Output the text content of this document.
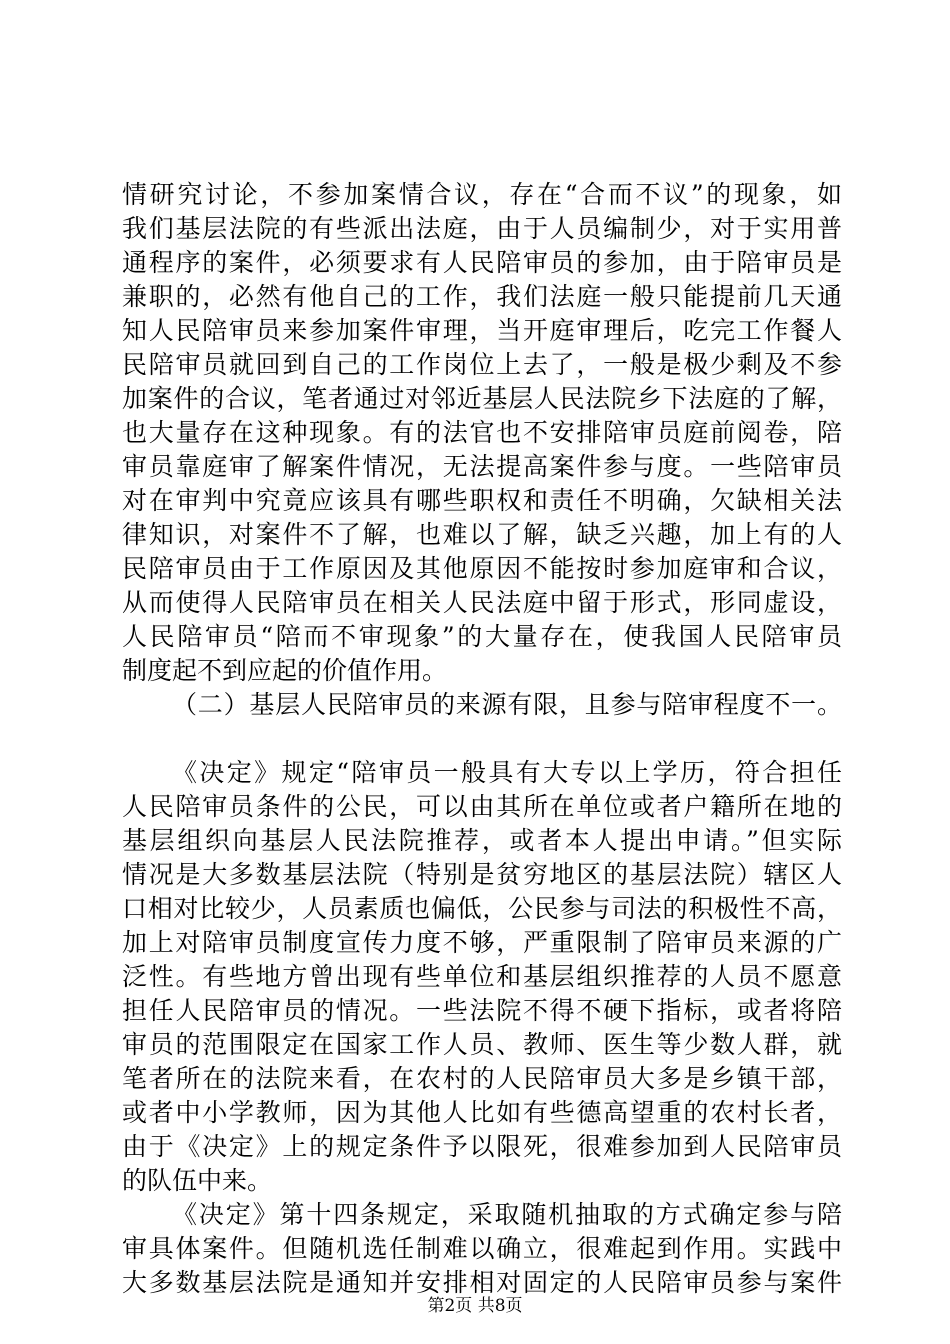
情研究讨论，不参加案情合议，存在“合而不议”的现象，如
我们基层法院的有些派出法庭，由于人员编制少，对于实用普
通程序的案件，必须要求有人民陪审员的参加，由于陪审员是
兼职的，必然有他自己的工作，我们法庭一般只能提前几天通
知人民陪审员来参加案件审理，当开庭审理后，吃完工作餐人
民陪审员就回到自己的工作岗位上去了，一般是极少剩及不参
加案件的合议，笔者通过对邻近基层人民法院乡下法庭的了解，
也大量存在这种现象。有的法官也不安排陪审员庭前阅卷，陪
审员靠庭审了解案件情况，无法提高案件参与度。一些陪审员
对在审判中究竟应该具有哪些职权和责任不明确，欠缺相关法
律知识，对案件不了解，也难以了解，缺乏兴趣，加上有的人
民陪审员由于工作原因及其他原因不能按时参加庭审和合议，
从而使得人民陪审员在相关人民法庭中留于形式，形同虚设，
人民陪审员“陪而不审现象”的大量存在，使我国人民陪审员
制度起不到应起的价值作用。
（二）基层人民陪审员的来源有限，且参与陪审程度不一。
《决定》规定“陪审员一般具有大专以上学历，符合担任
人民陪审员条件的公民，可以由其所在单位或者户籍所在地的
基层组织向基层人民法院推荐，或者本人提出申请。”但实际
情况是大多数基层法院（特别是贫穷地区的基层法院）辖区人
口相对比较少，人员素质也偏低，公民参与司法的积极性不高，
加上对陪审员制度宣传力度不够，严重限制了陪审员来源的广
泛性。有些地方曾出现有些单位和基层组织推荐的人员不愿意
担任人民陪审员的情况。一些法院不得不硬下指标，或者将陪
审员的范围限定在国家工作人员、教师、医生等少数人群，就
笔者所在的法院来看，在农村的人民陪审员大多是乡镇干部，
或者中小学教师，因为其他人比如有些德高望重的农村长者，
由于《决定》上的规定条件予以限死，很难参加到人民陪审员
的队伍中来。
《决定》第十四条规定，采取随机抽取的方式确定参与陪
审具体案件。但随机选任制难以确立，很难起到作用。实践中
大多数基层法院是通知并安排相对固定的人民陪审员参与案件
第2页 共8页
